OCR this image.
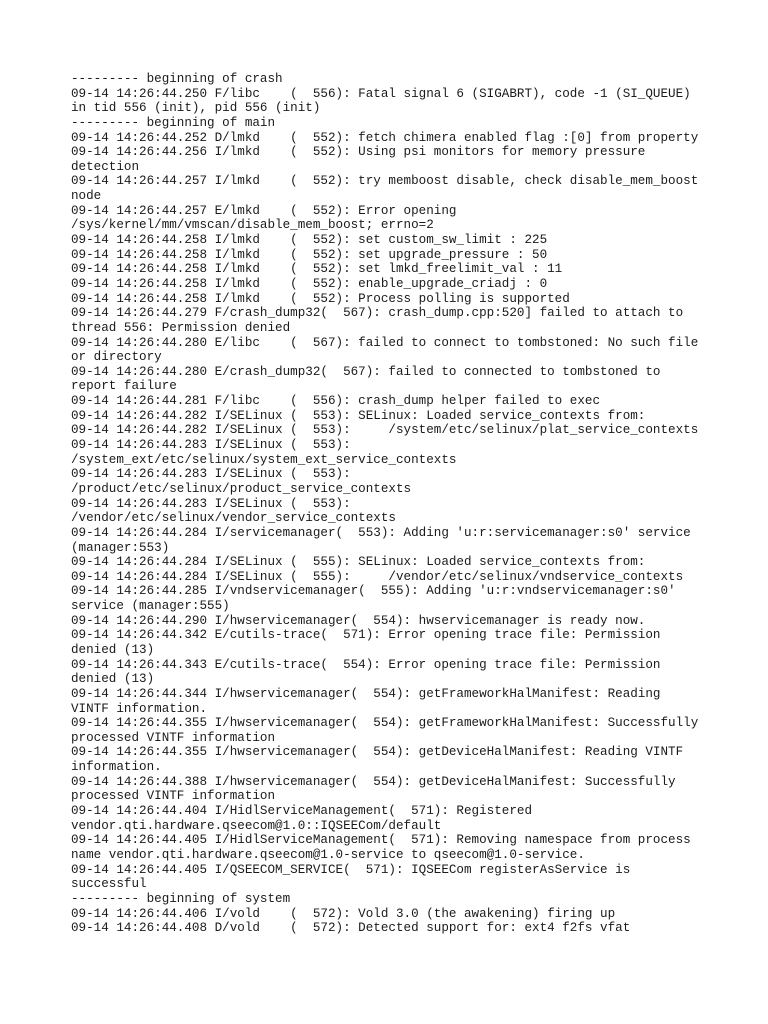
--------- beginning of crash
09-14 14:26:44.250 F/libc    (  556): Fatal signal 6 (SIGABRT), code -1 (SI_QUEUE)
in tid 556 (init), pid 556 (init)
--------- beginning of main
09-14 14:26:44.252 D/lmkd    (  552): fetch chimera enabled flag :[0] from property
09-14 14:26:44.256 I/lmkd    (  552): Using psi monitors for memory pressure
detection
09-14 14:26:44.257 I/lmkd    (  552): try memboost disable, check disable_mem_boost
node
09-14 14:26:44.257 E/lmkd    (  552): Error opening
/sys/kernel/mm/vmscan/disable_mem_boost; errno=2
09-14 14:26:44.258 I/lmkd    (  552): set custom_sw_limit : 225
09-14 14:26:44.258 I/lmkd    (  552): set upgrade_pressure : 50
09-14 14:26:44.258 I/lmkd    (  552): set lmkd_freelimit_val : 11
09-14 14:26:44.258 I/lmkd    (  552): enable_upgrade_criadj : 0
09-14 14:26:44.258 I/lmkd    (  552): Process polling is supported
09-14 14:26:44.279 F/crash_dump32(  567): crash_dump.cpp:520] failed to attach to
thread 556: Permission denied
09-14 14:26:44.280 E/libc    (  567): failed to connect to tombstoned: No such file
or directory
09-14 14:26:44.280 E/crash_dump32(  567): failed to connected to tombstoned to
report failure
09-14 14:26:44.281 F/libc    (  556): crash_dump helper failed to exec
09-14 14:26:44.282 I/SELinux (  553): SELinux: Loaded service_contexts from:
09-14 14:26:44.282 I/SELinux (  553):     /system/etc/selinux/plat_service_contexts
09-14 14:26:44.283 I/SELinux (  553):
/system_ext/etc/selinux/system_ext_service_contexts
09-14 14:26:44.283 I/SELinux (  553):
/product/etc/selinux/product_service_contexts
09-14 14:26:44.283 I/SELinux (  553):
/vendor/etc/selinux/vendor_service_contexts
09-14 14:26:44.284 I/servicemanager(  553): Adding 'u:r:servicemanager:s0' service
(manager:553)
09-14 14:26:44.284 I/SELinux (  555): SELinux: Loaded service_contexts from:
09-14 14:26:44.284 I/SELinux (  555):     /vendor/etc/selinux/vndservice_contexts
09-14 14:26:44.285 I/vndservicemanager(  555): Adding 'u:r:vndservicemanager:s0'
service (manager:555)
09-14 14:26:44.290 I/hwservicemanager(  554): hwservicemanager is ready now.
09-14 14:26:44.342 E/cutils-trace(  571): Error opening trace file: Permission
denied (13)
09-14 14:26:44.343 E/cutils-trace(  554): Error opening trace file: Permission
denied (13)
09-14 14:26:44.344 I/hwservicemanager(  554): getFrameworkHalManifest: Reading
VINTF information.
09-14 14:26:44.355 I/hwservicemanager(  554): getFrameworkHalManifest: Successfully
processed VINTF information
09-14 14:26:44.355 I/hwservicemanager(  554): getDeviceHalManifest: Reading VINTF
information.
09-14 14:26:44.388 I/hwservicemanager(  554): getDeviceHalManifest: Successfully
processed VINTF information
09-14 14:26:44.404 I/HidlServiceManagement(  571): Registered
vendor.qti.hardware.qseecom@1.0::IQSEECom/default
09-14 14:26:44.405 I/HidlServiceManagement(  571): Removing namespace from process
name vendor.qti.hardware.qseecom@1.0-service to qseecom@1.0-service.
09-14 14:26:44.405 I/QSEECOM_SERVICE(  571): IQSEECom registerAsService is
successful
--------- beginning of system
09-14 14:26:44.406 I/vold    (  572): Vold 3.0 (the awakening) firing up
09-14 14:26:44.408 D/vold    (  572): Detected support for: ext4 f2fs vfat
